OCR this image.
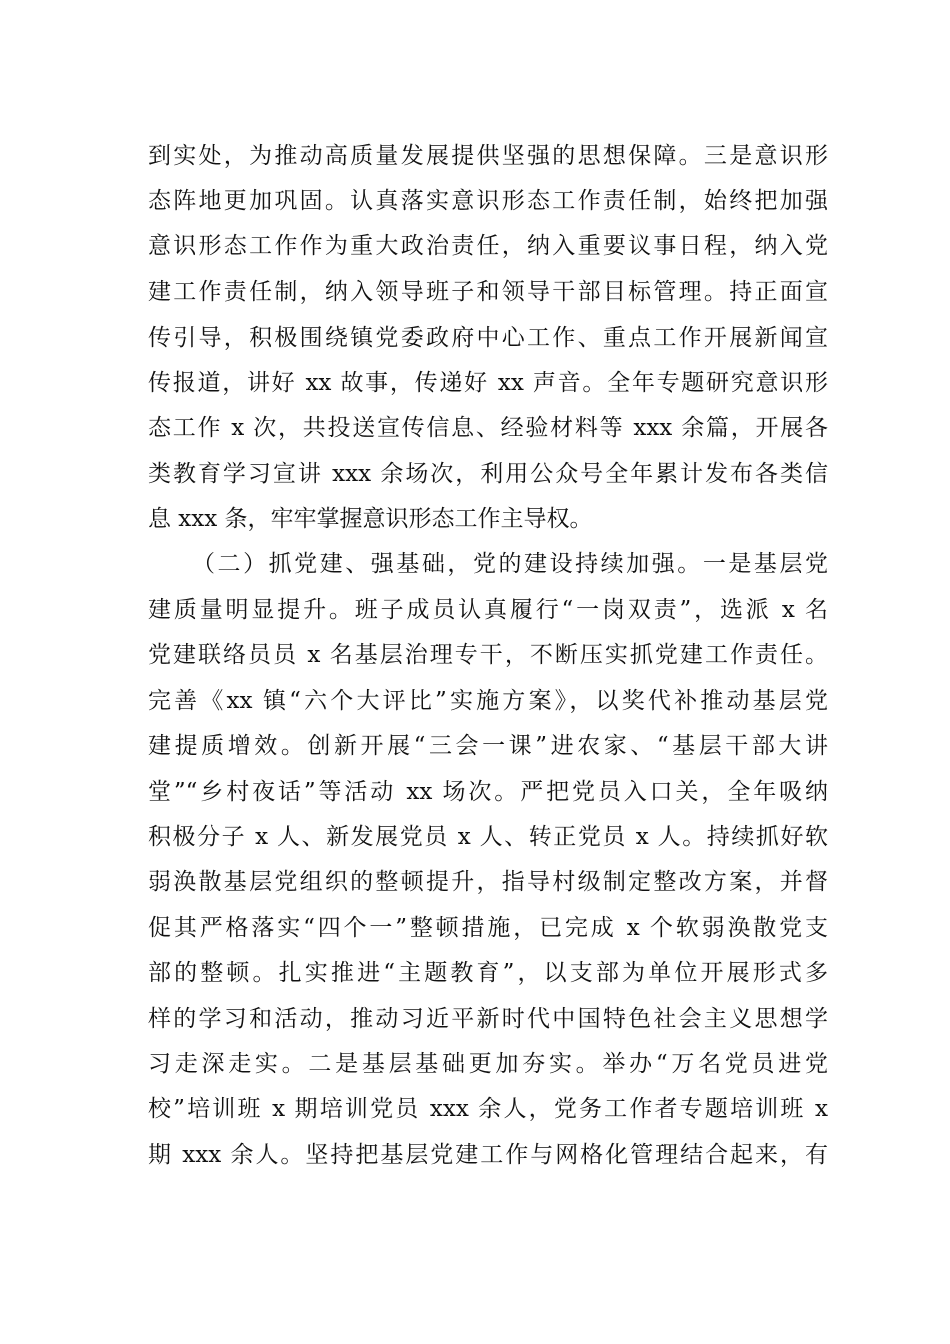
到实处，为推动高质量发展提供坚强的思想保障。三是意识形
态阵地更加巩固。认真落实意识形态工作责任制，始终把加强
意识形态工作作为重大政治责任，纳入重要议事日程，纳入党
建工作责任制，纳入领导班子和领导干部目标管理。持正面宣
传引导，积极围绕镇党委政府中心工作、重点工作开展新闻宣
传报道，讲好 xx 故事，传递好 xx 声音。全年专题研究意识形
态工作 x 次，共投送宣传信息、经验材料等 xxx 余篇，开展各
类教育学习宣讲 xxx 余场次，利用公众号全年累计发布各类信
息 xxx 条，牢牢掌握意识形态工作主导权。
（二）抓党建、强基础，党的建设持续加强。一是基层党
建质量明显提升。班子成员认真履行“一岗双责”，选派 x 名
党建联络员员 x 名基层治理专干，不断压实抓党建工作责任。
完善《xx 镇“六个大评比”实施方案》，以奖代补推动基层党
建提质增效。创新开展“三会一课”进农家、“基层干部大讲
堂”“乡村夜话”等活动 xx 场次。严把党员入口关，全年吸纳
积极分子 x 人、新发展党员 x 人、转正党员 x 人。持续抓好软
弱涣散基层党组织的整顿提升，指导村级制定整改方案，并督
促其严格落实“四个一”整顿措施，已完成 x 个软弱涣散党支
部的整顿。扎实推进“主题教育”，以支部为单位开展形式多
样的学习和活动，推动习近平新时代中国特色社会主义思想学
习走深走实。二是基层基础更加夯实。举办“万名党员进党
校”培训班 x 期培训党员 xxx 余人，党务工作者专题培训班 x
期 xxx 余人。坚持把基层党建工作与网格化管理结合起来，有
